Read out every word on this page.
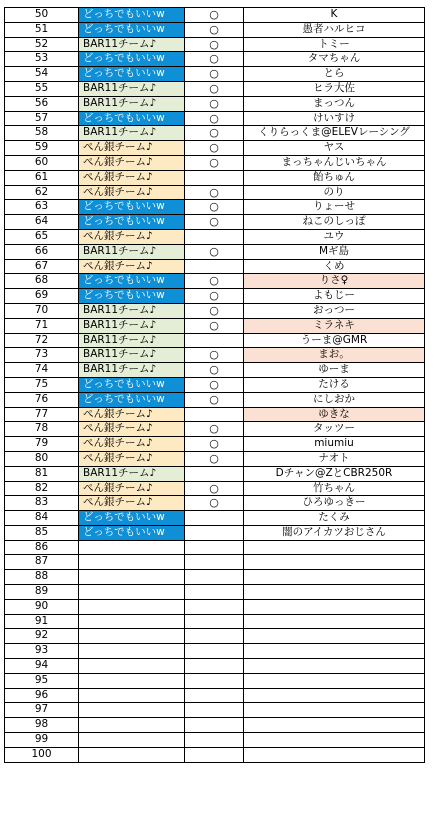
50	どっちでもいいw	○	K
51	どっちでもいいw	○	愚者ハルヒコ
52	BAR11チーム♪	○	トミー
53	どっちでもいいw	○	タマちゃん
54	どっちでもいいw	○	とら
55	BAR11チーム♪	○	ヒラ大佐
56	BAR11チーム♪	○	まっつん
57	どっちでもいいw	○	けいすけ
58	BAR11チーム♪	○	くりらっくま@ELEVレーシング
59	ぺん銀チーム♪	○	ヤス
60	ぺん銀チーム♪	○	まっちゃんじいちゃん
61	ぺん銀チーム♪		飴ちゅん
62	ぺん銀チーム♪	○	のり
63	どっちでもいいw	○	りょーせ
64	どっちでもいいw	○	ねこのしっぽ
65	ぺん銀チーム♪		ユウ
66	BAR11チーム♪	○	Mギ島
67	ぺん銀チーム♪		くめ
68	どっちでもいいw	○	りさ♀
69	どっちでもいいw	○	よもじー
70	BAR11チーム♪	○	おっつー
71	BAR11チーム♪	○	ミラネキ
72	BAR11チーム♪		うーま@GMR
73	BAR11チーム♪	○	まお。
74	BAR11チーム♪	○	ゆーま
75	どっちでもいいw	○	たける
76	どっちでもいいw	○	にしおか
77	ぺん銀チーム♪		ゆきな
78	ぺん銀チーム♪	○	タッツー
79	ぺん銀チーム♪	○	miumiu
80	ぺん銀チーム♪	○	ナオト
81	BAR11チーム♪		Dチャン@ZとCBR250R
82	ぺん銀チーム♪	○	竹ちゃん
83	ぺん銀チーム♪	○	ひろゆっきー
84	どっちでもいいw		たくみ
85	どっちでもいいw		闇のアイカツおじさん
86			
87			
88			
89			
90			
91			
92			
93			
94			
95			
96			
97			
98			
99			
100			
